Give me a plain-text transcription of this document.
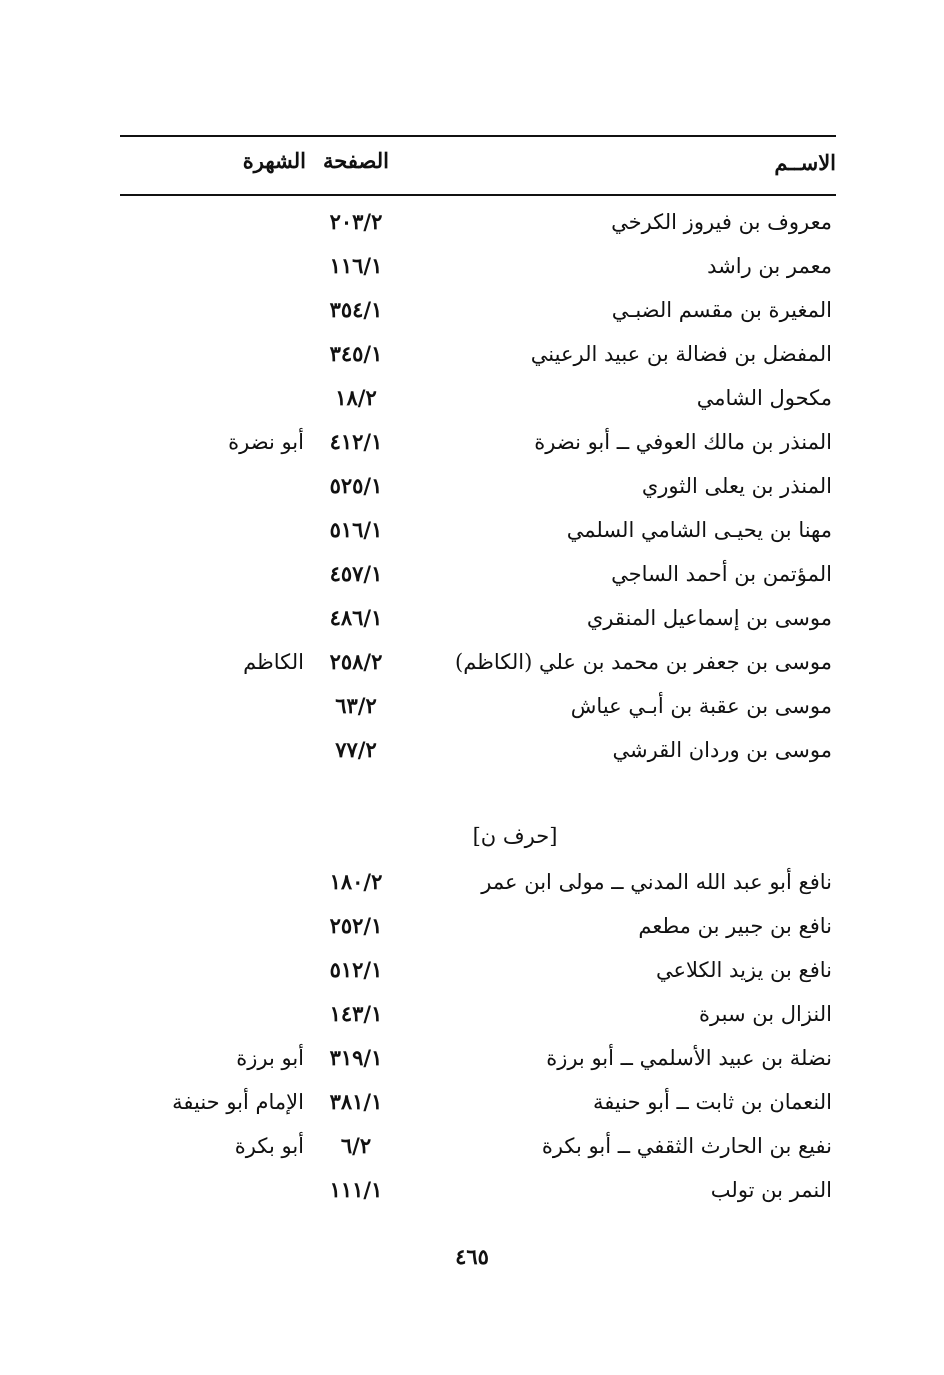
الاســم
الصفحة
الشهرة
معروف بن فيروز الكرخي
٢٠٣/٢
معمر بن راشد
١١٦/١
المغيرة بن مقسم الضبـي
٣٥٤/١
المفضل بن فضالة بن عبيد الرعيني
٣٤٥/١
مكحول الشامي
١٨/٢
المنذر بن مالك العوفي ــ أبو نضرة
٤١٢/١
أبو نضرة
المنذر بن يعلى الثوري
٥٢٥/١
مهنا بن يحيـى الشامي السلمي
٥١٦/١
المؤتمن بن أحمد الساجي
٤٥٧/١
موسى بن إسماعيل المنقري
٤٨٦/١
موسى بن جعفر بن محمد بن علي (الكاظم)
٢٥٨/٢
الكاظم
موسى بن عقبة بن أبـي عياش
٦٣/٢
موسى بن وردان القرشي
٧٧/٢
[حرف ن]
نافع أبو عبد الله المدني ــ مولى ابن عمر
١٨٠/٢
نافع بن جبير بن مطعم
٢٥٢/١
نافع بن يزيد الكلاعي
٥١٢/١
النزال بن سبرة
١٤٣/١
نضلة بن عبيد الأسلمي ــ أبو برزة
٣١٩/١
أبو برزة
النعمان بن ثابت ــ أبو حنيفة
٣٨١/١
الإمام أبو حنيفة
نفيع بن الحارث الثقفي ــ أبو بكرة
٦/٢
أبو بكرة
النمر بن تولب
١١١/١
٤٦٥
